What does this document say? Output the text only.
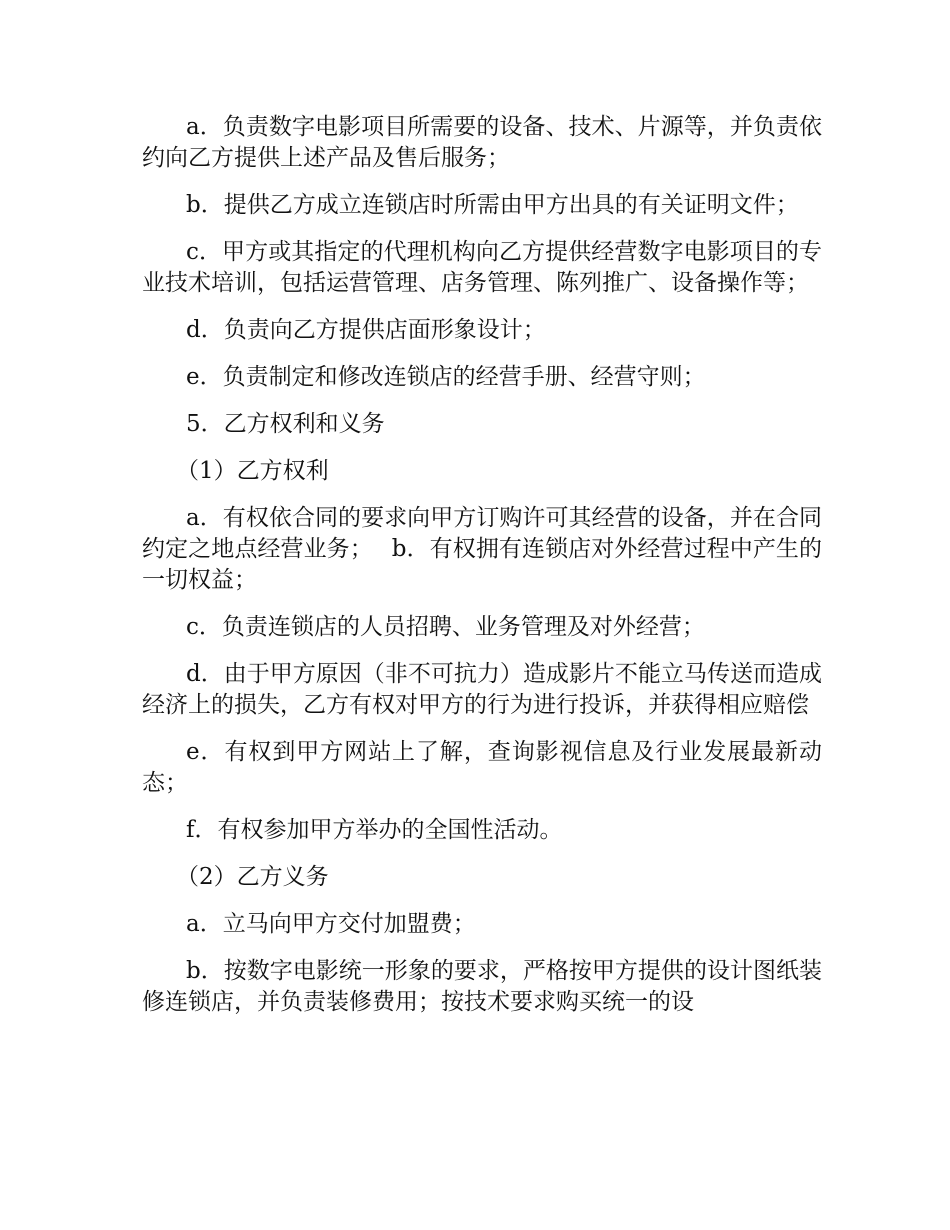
a．负责数字电影项目所需要的设备、技术、片源等，并负责依约向乙方提供上述产品及售后服务；

b．提供乙方成立连锁店时所需由甲方出具的有关证明文件；

c．甲方或其指定的代理机构向乙方提供经营数字电影项目的专业技术培训，包括运营管理、店务管理、陈列推广、设备操作等；

d．负责向乙方提供店面形象设计；

e．负责制定和修改连锁店的经营手册、经营守则；

5．乙方权利和义务

（1）乙方权利

a．有权依合同的要求向甲方订购许可其经营的设备，并在合同约定之地点经营业务；　 b．有权拥有连锁店对外经营过程中产生的一切权益；

c．负责连锁店的人员招聘、业务管理及对外经营；

d．由于甲方原因（非不可抗力）造成影片不能立马传送而造成经济上的损失，乙方有权对甲方的行为进行投诉，并获得相应赔偿

e．有权到甲方网站上了解，查询影视信息及行业发展最新动态；

f．有权参加甲方举办的全国性活动。

（2）乙方义务

a．立马向甲方交付加盟费；

b．按数字电影统一形象的要求，严格按甲方提供的设计图纸装修连锁店，并负责装修费用；按技术要求购买统一的设
